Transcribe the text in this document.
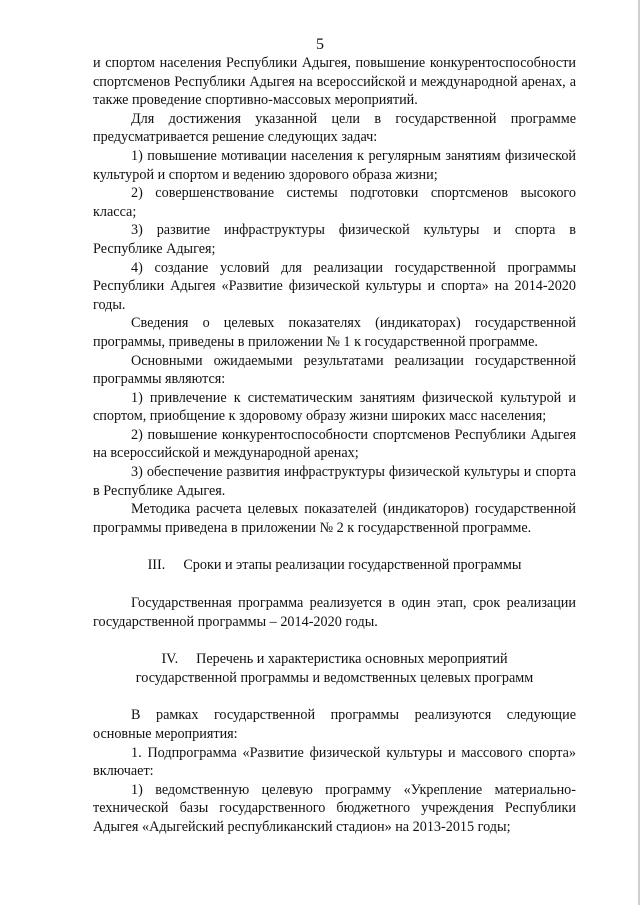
5

и спортом населения Республики Адыгея, повышение конкурентоспособности спортсменов Республики Адыгея на всероссийской и международной аренах, а также проведение спортивно-массовых мероприятий.

Для достижения указанной цели в государственной программе предусматривается решение следующих задач:

1) повышение мотивации населения к регулярным занятиям физической культурой и спортом и ведению здорового образа жизни;

2) совершенствование системы подготовки спортсменов высокого класса;

3) развитие инфраструктуры физической культуры и спорта в Республике Адыгея;

4) создание условий для реализации государственной программы Республики Адыгея «Развитие физической культуры и спорта» на 2014-2020 годы.

Сведения о целевых показателях (индикаторах) государственной программы, приведены в приложении № 1 к государственной программе.

Основными ожидаемыми результатами реализации государственной программы являются:

1) привлечение к систематическим занятиям физической культурой и спортом, приобщение к здоровому образу жизни широких масс населения;

2) повышение конкурентоспособности спортсменов Республики Адыгея на всероссийской и международной аренах;

3) обеспечение развития инфраструктуры физической культуры и спорта в Республике Адыгея.

Методика расчета целевых показателей (индикаторов) государственной программы приведена в приложении № 2 к государственной программе.

III. Сроки и этапы реализации государственной программы

Государственная программа реализуется в один этап, срок реализации государственной программы – 2014-2020 годы.

IV. Перечень и характеристика основных мероприятий
государственной программы и ведомственных целевых программ

В рамках государственной программы реализуются следующие основные мероприятия:

1. Подпрограмма «Развитие физической культуры и массового спорта» включает:

1) ведомственную целевую программу «Укрепление материально-технической базы государственного бюджетного учреждения Республики Адыгея «Адыгейский республиканский стадион» на 2013-2015 годы;
